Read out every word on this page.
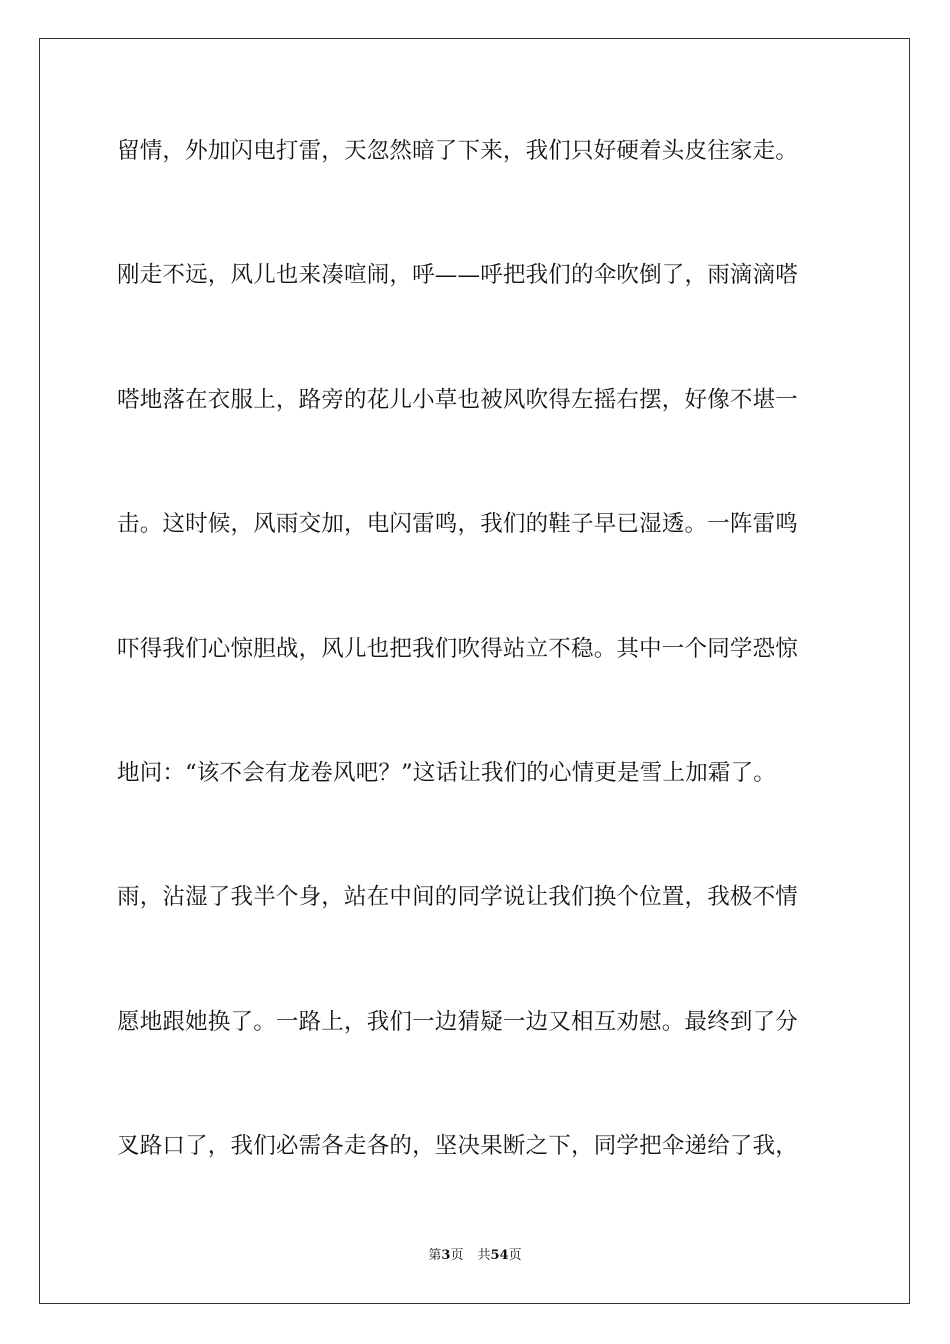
留情，外加闪电打雷，天忽然暗了下来，我们只好硬着头皮往家走。
刚走不远，风儿也来凑喧闹，呼——呼把我们的伞吹倒了，雨滴滴嗒
嗒地落在衣服上，路旁的花儿小草也被风吹得左摇右摆，好像不堪一
击。这时候，风雨交加，电闪雷鸣，我们的鞋子早已湿透。一阵雷鸣
吓得我们心惊胆战，风儿也把我们吹得站立不稳。其中一个同学恐惊
地问：“该不会有龙卷风吧？”这话让我们的心情更是雪上加霜了。
雨，沾湿了我半个身，站在中间的同学说让我们换个位置，我极不情
愿地跟她换了。一路上，我们一边猜疑一边又相互劝慰。最终到了分
叉路口了，我们必需各走各的，坚决果断之下，同学把伞递给了我，
第3页 共54页
